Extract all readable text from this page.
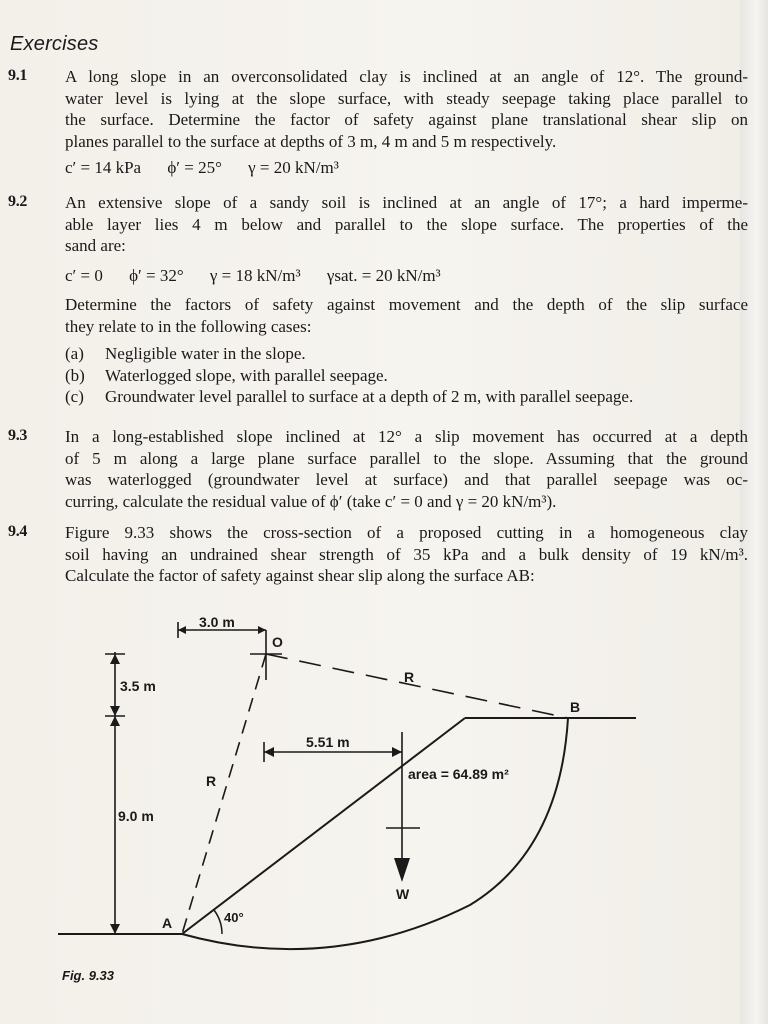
Exercises
9.1 A long slope in an overconsolidated clay is inclined at an angle of 12°. The ground-
water level is lying at the slope surface, with steady seepage taking place parallel to
the surface. Determine the factor of safety against plane translational shear slip on
planes parallel to the surface at depths of 3 m, 4 m and 5 m respectively.
c′ = 14 kPa ϕ′ = 25° γ = 20 kN/m³
9.2 An extensive slope of a sandy soil is inclined at an angle of 17°; a hard imperme-
able layer lies 4 m below and parallel to the slope surface. The properties of the
sand are:
c′ = 0 ϕ′ = 32° γ = 18 kN/m³ γsat. = 20 kN/m³
Determine the factors of safety against movement and the depth of the slip surface
they relate to in the following cases:
(a) Negligible water in the slope.
(b) Waterlogged slope, with parallel seepage.
(c) Groundwater level parallel to surface at a depth of 2 m, with parallel seepage.
9.3 In a long-established slope inclined at 12° a slip movement has occurred at a depth
of 5 m along a large plane surface parallel to the slope. Assuming that the ground
was waterlogged (groundwater level at surface) and that parallel seepage was oc-
curring, calculate the residual value of ϕ′ (take c′ = 0 and γ = 20 kN/m³).
9.4 Figure 9.33 shows the cross-section of a proposed cutting in a homogeneous clay
soil having an undrained shear strength of 35 kPa and a bulk density of 19 kN/m³.
Calculate the factor of safety against shear slip along the surface AB:
3.0 m
O
R
3.5 m
B
5.51 m
area = 64.89 m²
R
9.0 m
W
A	40°
Fig. 9.33
